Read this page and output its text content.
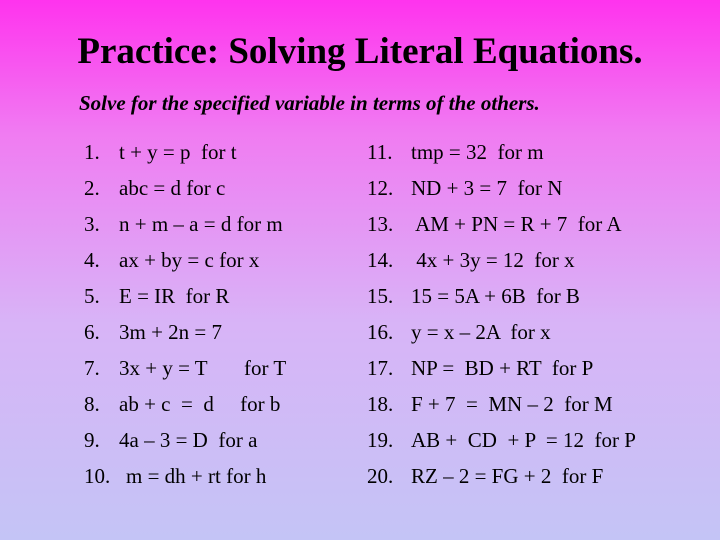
Practice: Solving Literal Equations.
Solve for the specified variable in terms of the others.
1. t + y = p  for t
2. abc = d for c
3. n + m – a = d for m
4. ax + by = c for x
5. E = IR  for R
6. 3m + 2n = 7
7. 3x + y = T       for T
8. ab + c  =  d     for b
9. 4a – 3 = D  for a
10. m = dh + rt for h
11. tmp = 32  for m
12. ND + 3 = 7  for N
13. AM + PN = R + 7  for A
14. 4x + 3y = 12  for x
15. 15 = 5A + 6B  for B
16. y = x – 2A  for x
17. NP =  BD + RT  for P
18. F + 7  =  MN – 2  for M
19. AB +  CD  + P  = 12  for P
20. RZ – 2 = FG + 2  for F
